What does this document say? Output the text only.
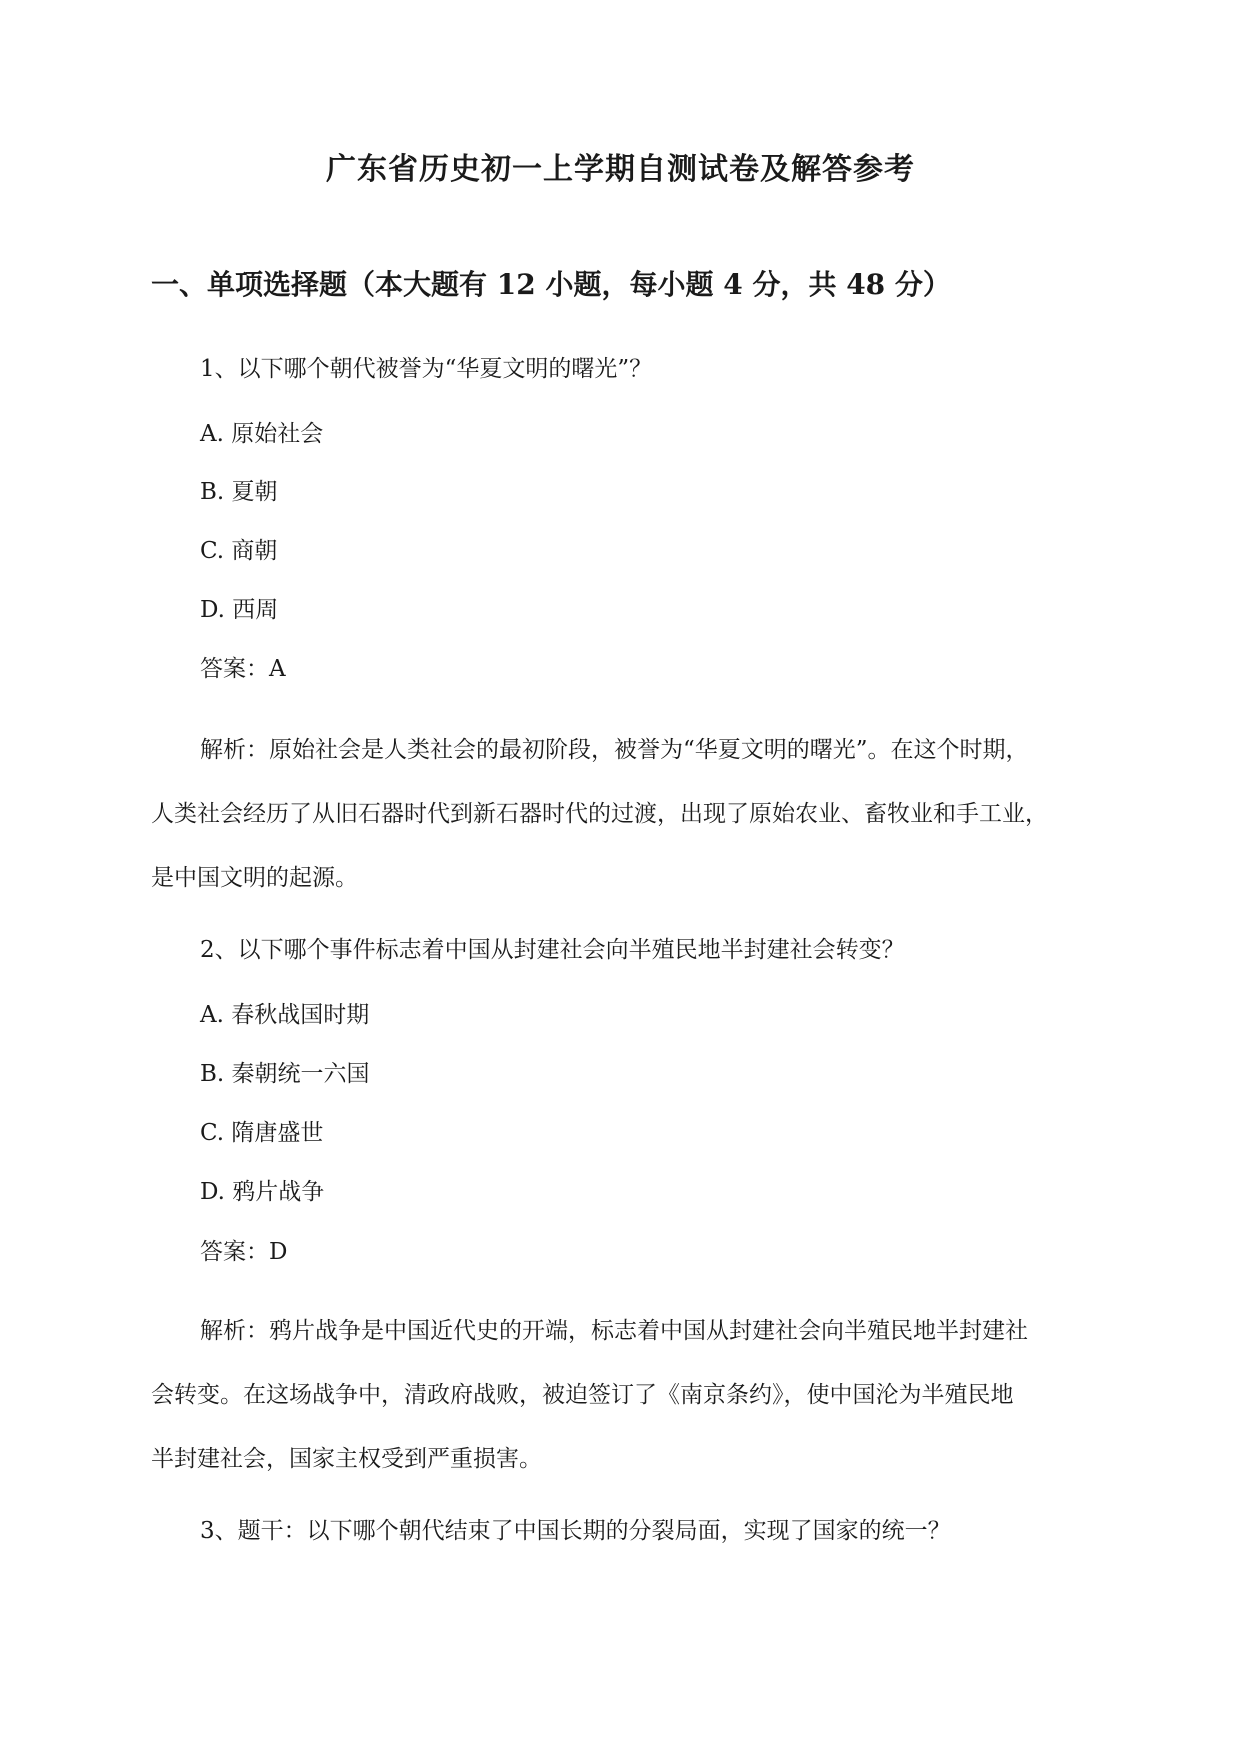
广东省历史初一上学期自测试卷及解答参考
一、单项选择题（本大题有 12 小题，每小题 4 分，共 48 分）
1、以下哪个朝代被誉为“华夏文明的曙光”？
A. 原始社会
B. 夏朝
C. 商朝
D. 西周
答案：A
解析：原始社会是人类社会的最初阶段，被誉为“华夏文明的曙光”。在这个时期，
人类社会经历了从旧石器时代到新石器时代的过渡，出现了原始农业、畜牧业和手工业，
是中国文明的起源。
2、以下哪个事件标志着中国从封建社会向半殖民地半封建社会转变？
A. 春秋战国时期
B. 秦朝统一六国
C. 隋唐盛世
D. 鸦片战争
答案：D
解析：鸦片战争是中国近代史的开端，标志着中国从封建社会向半殖民地半封建社
会转变。在这场战争中，清政府战败，被迫签订了《南京条约》，使中国沦为半殖民地
半封建社会，国家主权受到严重损害。
3、题干：以下哪个朝代结束了中国长期的分裂局面，实现了国家的统一？
